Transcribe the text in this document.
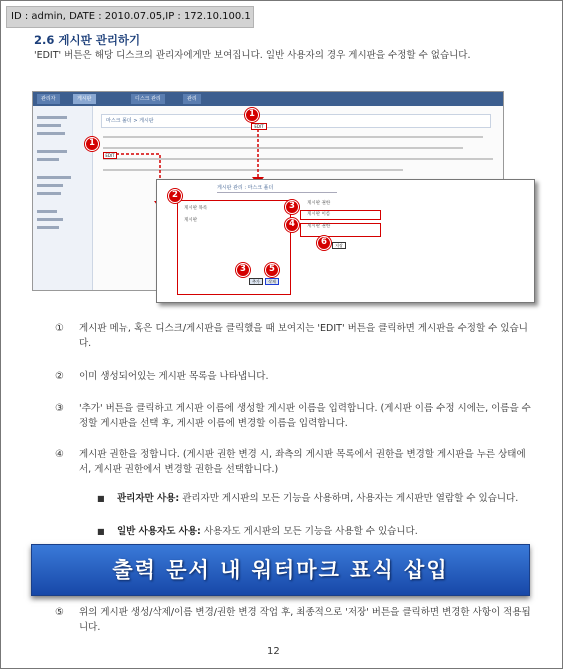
ID : admin, DATE : 2010.07.05,IP : 172.10.100.1
2.6 게시판 관리하기
'EDIT' 버튼은 해당 디스크의 관리자에게만 보여집니다. 일반 사용자의 경우 게시판을 수정할 수 없습니다.
관리자	게시판	디스크 관리	관리
마스크 폴더 > 게시판
EDIT
EDIT
게시판 관리 : 마스크 폴더
게시판 목록
게시판
게시판 권한
게시판 이름
게시판 권한
저장
추가	삭제
1
1
2
3
4
6
3	5
① 게시판 메뉴, 혹은 디스크/게시판을 클릭했을 때 보여지는 'EDIT' 버튼을 클릭하면 게시판을 수정할 수 있습니다.
② 이미 생성되어있는 게시판 목록을 나타냅니다.
③ '추가' 버튼을 클릭하고 게시판 이름에 생성할 게시판 이름을 입력합니다. (게시판 이름 수정 시에는, 이름을 수정할 게시판을 선택 후, 게시판 이름에 변경할 이름을 입력합니다.
④ 게시판 권한을 정합니다. (게시판 권한 변경 시, 좌측의 게시판 목록에서 권한을 변경할 게시판을 누른 상태에서, 게시판 권한에서 변경할 권한을 선택합니다.)
■ 관리자만 사용: 관리자만 게시판의 모든 기능을 사용하며, 사용자는 게시판만 열람할 수 있습니다.
■ 일반 사용자도 사용: 사용자도 게시판의 모든 기능을 사용할 수 있습니다.
⑤ 위의 게시판 생성/삭제/이름 변경/권한 변경 작업 후, 최종적으로 '저장' 버튼을 클릭하면 변경한 사항이 적용됩니다.
출력 문서 내 워터마크 표식 삽입
12
